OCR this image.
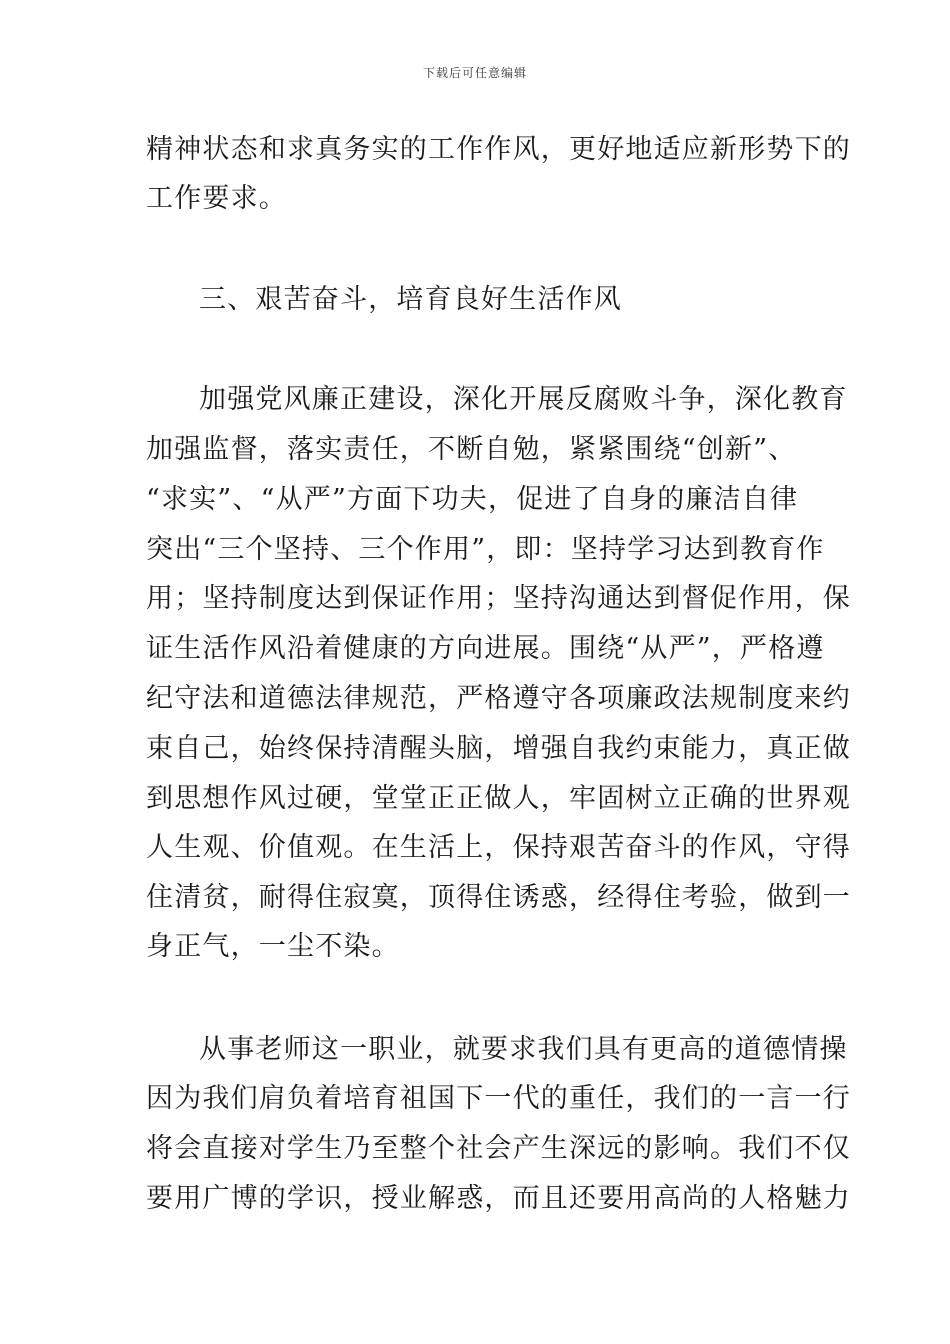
下载后可任意编辑
精神状态和求真务实的工作作风，更好地适应新形势下的
工作要求。
三、艰苦奋斗，培育良好生活作风
加强党风廉正建设，深化开展反腐败斗争，深化教育
加强监督，落实责任，不断自勉，紧紧围绕“创新”、
“求实”、“从严”方面下功夫，促进了自身的廉洁自律
突出“三个坚持、三个作用”，即：坚持学习达到教育作
用；坚持制度达到保证作用；坚持沟通达到督促作用，保
证生活作风沿着健康的方向进展。围绕“从严”，严格遵
纪守法和道德法律规范，严格遵守各项廉政法规制度来约
束自己，始终保持清醒头脑，增强自我约束能力，真正做
到思想作风过硬，堂堂正正做人，牢固树立正确的世界观
人生观、价值观。在生活上，保持艰苦奋斗的作风，守得
住清贫，耐得住寂寞，顶得住诱惑，经得住考验，做到一
身正气，一尘不染。
从事老师这一职业，就要求我们具有更高的道德情操
因为我们肩负着培育祖国下一代的重任，我们的一言一行
将会直接对学生乃至整个社会产生深远的影响。我们不仅
要用广博的学识，授业解惑，而且还要用高尚的人格魅力
